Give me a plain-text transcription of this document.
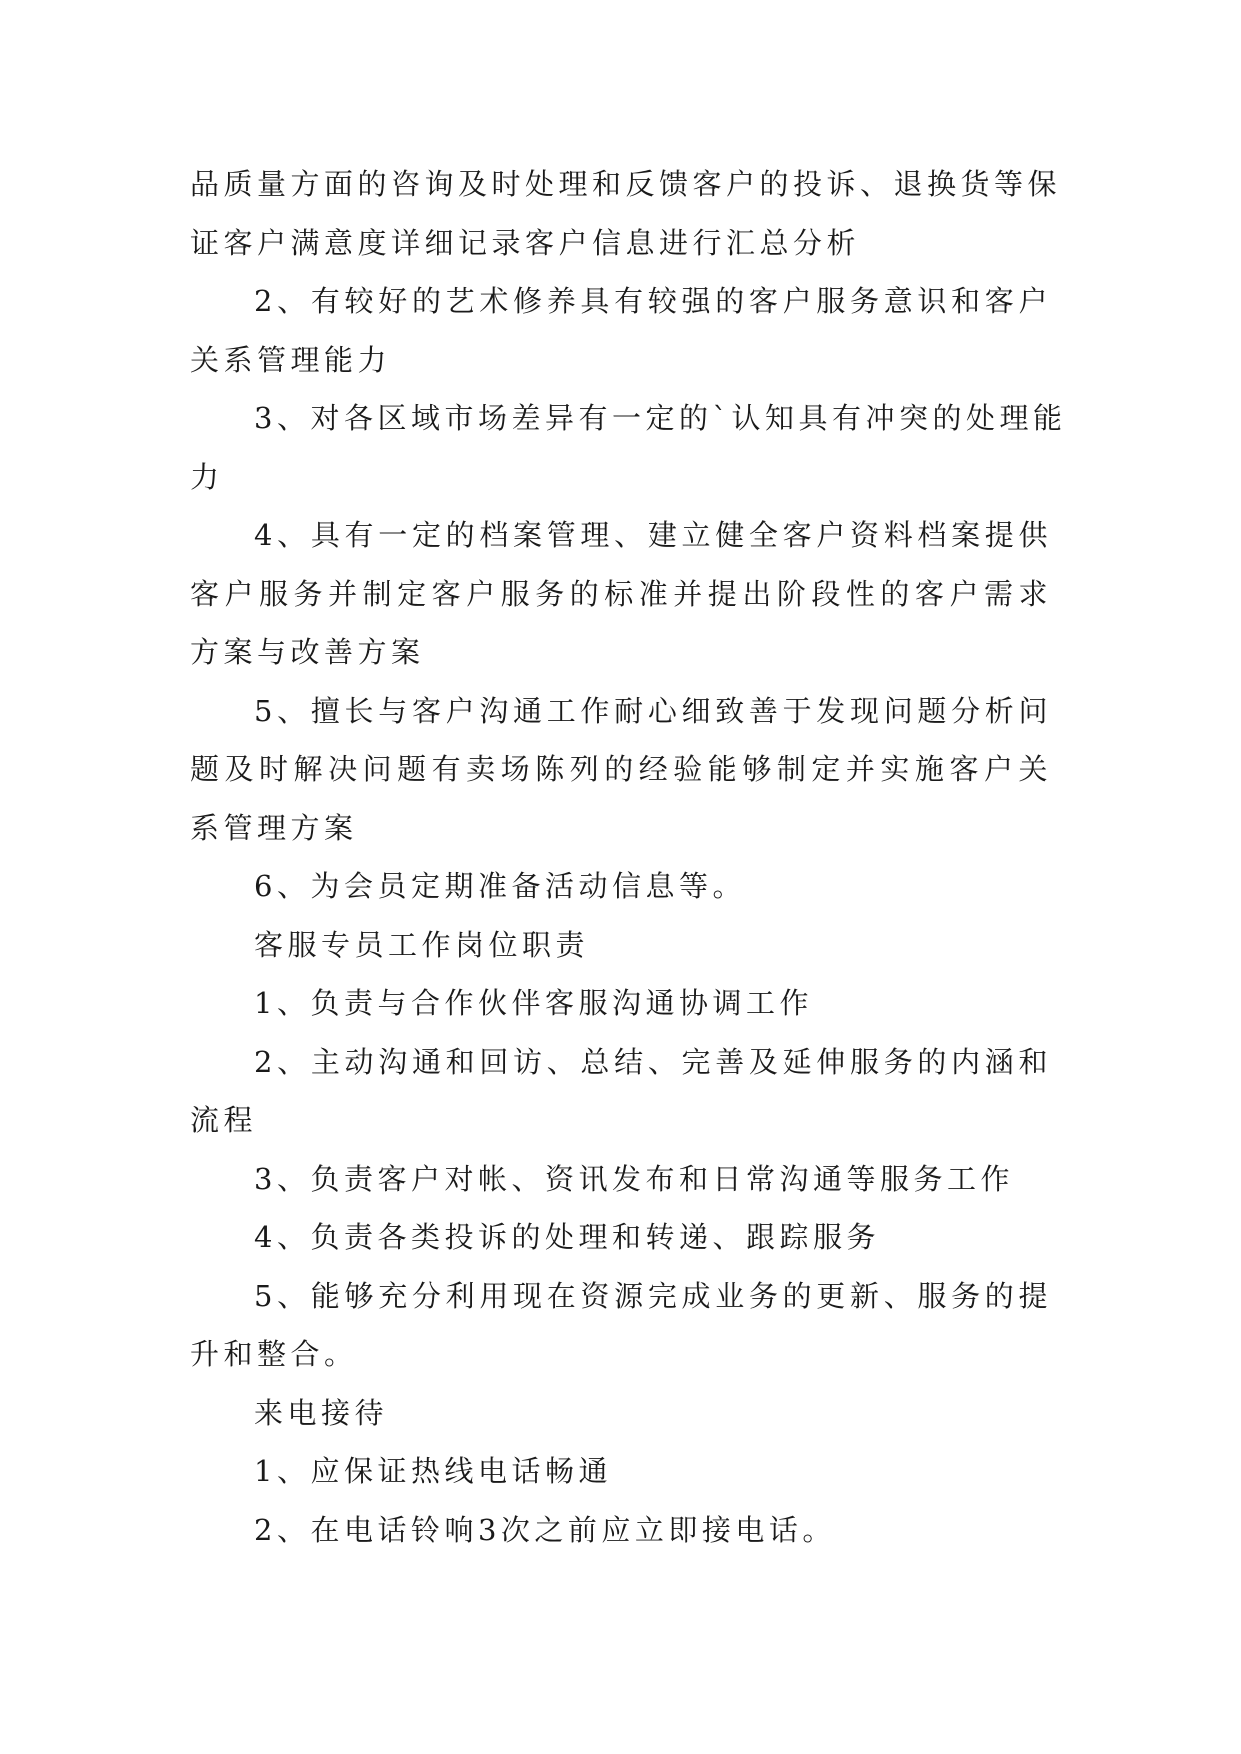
品质量方面的咨询及时处理和反馈客户的投诉、退换货等保
证客户满意度详细记录客户信息进行汇总分析
2、有较好的艺术修养具有较强的客户服务意识和客户
关系管理能力
3、对各区域市场差异有一定的`认知具有冲突的处理能
力
4、具有一定的档案管理、建立健全客户资料档案提供
客户服务并制定客户服务的标准并提出阶段性的客户需求
方案与改善方案
5、擅长与客户沟通工作耐心细致善于发现问题分析问
题及时解决问题有卖场陈列的经验能够制定并实施客户关
系管理方案
6、为会员定期准备活动信息等。
客服专员工作岗位职责
1、负责与合作伙伴客服沟通协调工作
2、主动沟通和回访、总结、完善及延伸服务的内涵和
流程
3、负责客户对帐、资讯发布和日常沟通等服务工作
4、负责各类投诉的处理和转递、跟踪服务
5、能够充分利用现在资源完成业务的更新、服务的提
升和整合。
来电接待
1、应保证热线电话畅通
2、在电话铃响3次之前应立即接电话。
